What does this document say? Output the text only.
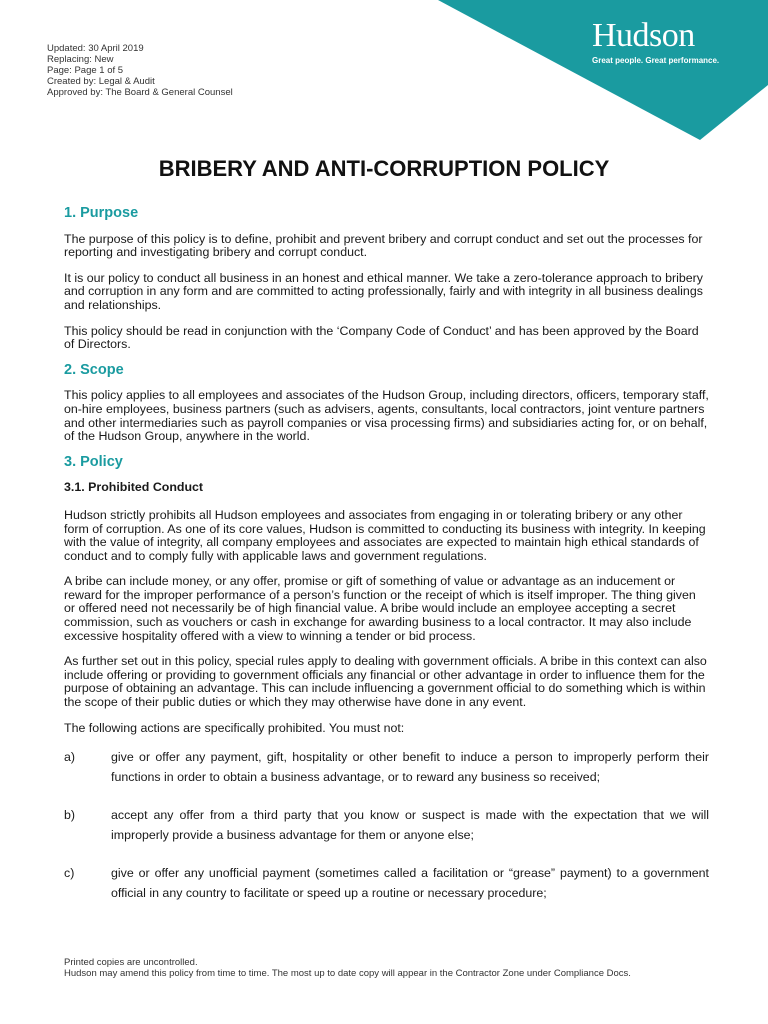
Hudson
Great people. Great performance.
Updated: 30 April 2019
Replacing: New
Page: Page 1 of 5
Created by: Legal & Audit
Approved by: The Board & General Counsel
BRIBERY AND ANTI-CORRUPTION POLICY
1. Purpose

The purpose of this policy is to define, prohibit and prevent bribery and corrupt conduct and set out the processes for reporting and investigating bribery and corrupt conduct.

It is our policy to conduct all business in an honest and ethical manner. We take a zero-tolerance approach to bribery and corruption in any form and are committed to acting professionally, fairly and with integrity in all business dealings and relationships.

This policy should be read in conjunction with the ‘Company Code of Conduct’ and has been approved by the Board of Directors.

2. Scope

This policy applies to all employees and associates of the Hudson Group, including directors, officers, temporary staff, on-hire employees, business partners (such as advisers, agents, consultants, local contractors, joint venture partners and other intermediaries such as payroll companies or visa processing firms) and subsidiaries acting for, or on behalf, of the Hudson Group, anywhere in the world.

3. Policy
3.1. Prohibited Conduct

Hudson strictly prohibits all Hudson employees and associates from engaging in or tolerating bribery or any other form of corruption. As one of its core values, Hudson is committed to conducting its business with integrity. In keeping with the value of integrity, all company employees and associates are expected to maintain high ethical standards of conduct and to comply fully with applicable laws and government regulations.

A bribe can include money, or any offer, promise or gift of something of value or advantage as an inducement or reward for the improper performance of a person’s function or the receipt of which is itself improper. The thing given or offered need not necessarily be of high financial value. A bribe would include an employee accepting a secret commission, such as vouchers or cash in exchange for awarding business to a local contractor. It may also include excessive hospitality offered with a view to winning a tender or bid process.

As further set out in this policy, special rules apply to dealing with government officials. A bribe in this context can also include offering or providing to government officials any financial or other advantage in order to influence them for the purpose of obtaining an advantage. This can include influencing a government official to do something which is within the scope of their public duties or which they may otherwise have done in any event.

The following actions are specifically prohibited. You must not:

a)	give or offer any payment, gift, hospitality or other benefit to induce a person to improperly perform their functions in order to obtain a business advantage, or to reward any business so received;
b)	accept any offer from a third party that you know or suspect is made with the expectation that we will improperly provide a business advantage for them or anyone else;
c)	give or offer any unofficial payment (sometimes called a facilitation or “grease” payment) to a government official in any country to facilitate or speed up a routine or necessary procedure;
Printed copies are uncontrolled.
Hudson may amend this policy from time to time. The most up to date copy will appear in the Contractor Zone under Compliance Docs.
